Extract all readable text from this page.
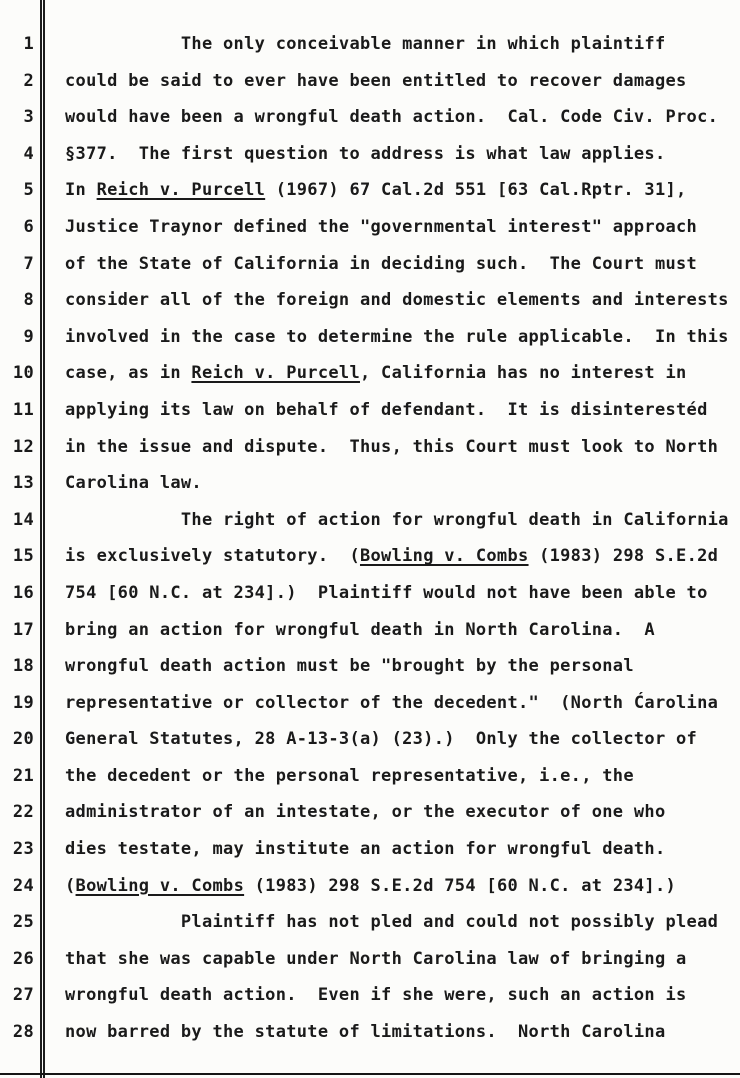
1 The only conceivable manner in which plaintiff
2 could be said to ever have been entitled to recover damages
3 would have been a wrongful death action.  Cal. Code Civ. Proc.
4 §377.  The first question to address is what law applies.
5 In Reich v. Purcell (1967) 67 Cal.2d 551 [63 Cal.Rptr. 31],
6 Justice Traynor defined the "governmental interest" approach
7 of the State of California in deciding such.  The Court must
8 consider all of the foreign and domestic elements and interests
9 involved in the case to determine the rule applicable.  In this
10 case, as in Reich v. Purcell, California has no interest in
11 applying its law on behalf of defendant.  It is disinterestéd
12 in the issue and dispute.  Thus, this Court must look to North
13 Carolina law.
14 The right of action for wrongful death in California
15 is exclusively statutory.  (Bowling v. Combs (1983) 298 S.E.2d
16 754 [60 N.C. at 234].)  Plaintiff would not have been able to
17 bring an action for wrongful death in North Carolina.  A
18 wrongful death action must be "brought by the personal
19 representative or collector of the decedent."  (North Ćarolina
20 General Statutes, 28 A-13-3(a) (23).)  Only the collector of
21 the decedent or the personal representative, i.e., the
22 administrator of an intestate, or the executor of one who
23 dies testate, may institute an action for wrongful death.
24 (Bowling v. Combs (1983) 298 S.E.2d 754 [60 N.C. at 234].)
25 Plaintiff has not pled and could not possibly plead
26 that she was capable under North Carolina law of bringing a
27 wrongful death action.  Even if she were, such an action is
28 now barred by the statute of limitations.  North Carolina
